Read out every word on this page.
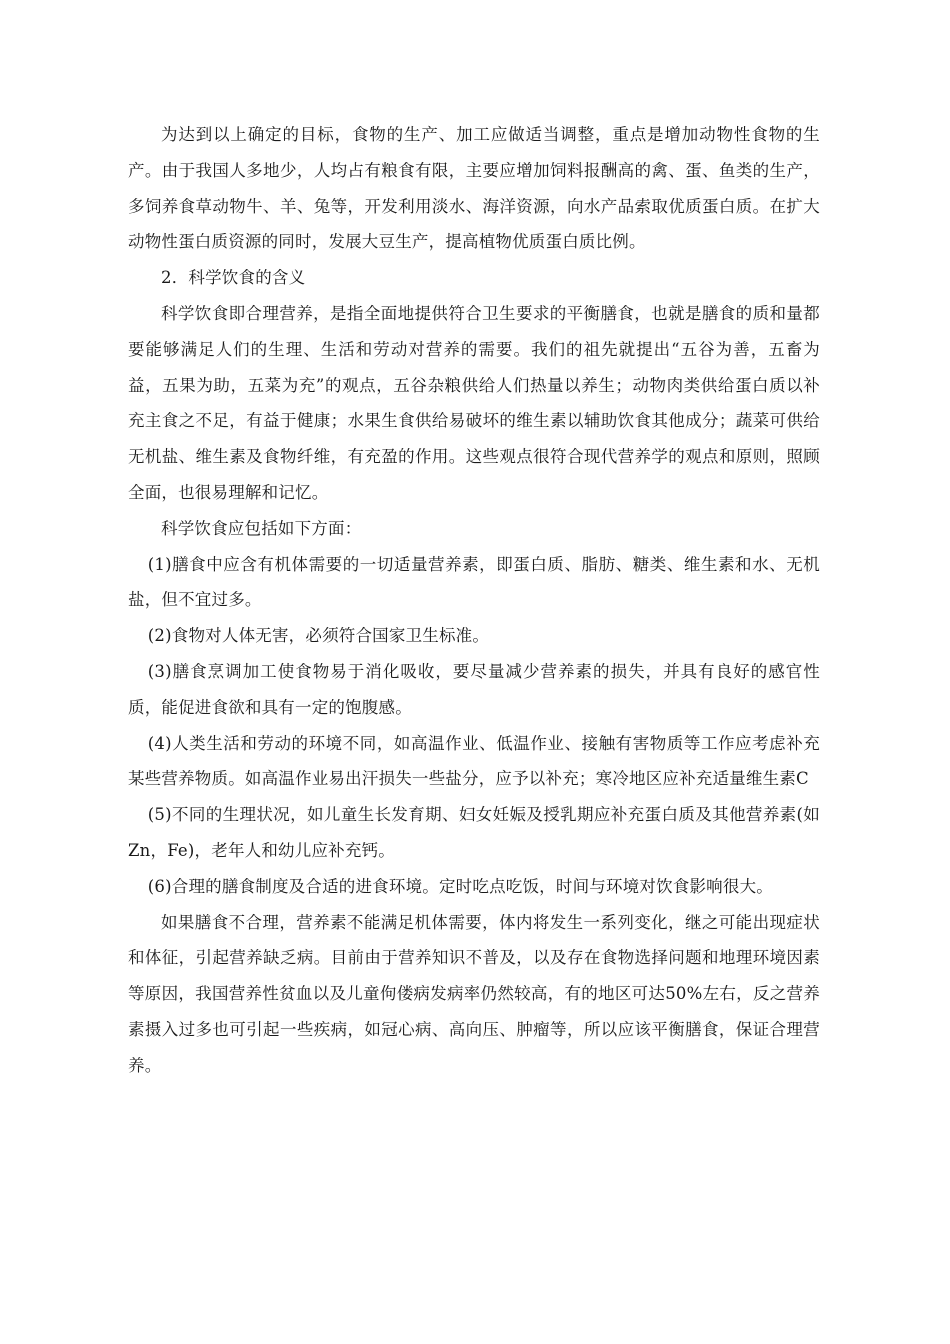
为达到以上确定的目标，食物的生产、加工应做适当调整，重点是增加动物性食物的生产。由于我国人多地少，人均占有粮食有限，主要应增加饲料报酬高的禽、蛋、鱼类的生产，多饲养食草动物牛、羊、兔等，开发利用淡水、海洋资源，向水产品索取优质蛋白质。在扩大动物性蛋白质资源的同时，发展大豆生产，提高植物优质蛋白质比例。

2．科学饮食的含义

科学饮食即合理营养，是指全面地提供符合卫生要求的平衡膳食，也就是膳食的质和量都要能够满足人们的生理、生活和劳动对营养的需要。我们的祖先就提出“五谷为善，五畜为益，五果为助，五菜为充”的观点，五谷杂粮供给人们热量以养生；动物肉类供给蛋白质以补充主食之不足，有益于健康；水果生食供给易破坏的维生素以辅助饮食其他成分；蔬菜可供给无机盐、维生素及食物纤维，有充盈的作用。这些观点很符合现代营养学的观点和原则，照顾全面，也很易理解和记忆。

科学饮食应包括如下方面：

(1)膳食中应含有机体需要的一切适量营养素，即蛋白质、脂肪、糖类、维生素和水、无机盐，但不宜过多。

(2)食物对人体无害，必须符合国家卫生标准。

(3)膳食烹调加工使食物易于消化吸收，要尽量减少营养素的损失，并具有良好的感官性质，能促进食欲和具有一定的饱腹感。

(4)人类生活和劳动的环境不同，如高温作业、低温作业、接触有害物质等工作应考虑补充某些营养物质。如高温作业易出汗损失一些盐分，应予以补充；寒冷地区应补充适量维生素C

(5)不同的生理状况，如儿童生长发育期、妇女妊娠及授乳期应补充蛋白质及其他营养素(如Zn，Fe)，老年人和幼儿应补充钙。

(6)合理的膳食制度及合适的进食环境。定时吃点吃饭，时间与环境对饮食影响很大。

如果膳食不合理，营养素不能满足机体需要，体内将发生一系列变化，继之可能出现症状和体征，引起营养缺乏病。目前由于营养知识不普及，以及存在食物选择问题和地理环境因素等原因，我国营养性贫血以及儿童佝偻病发病率仍然较高，有的地区可达50%左右，反之营养素摄入过多也可引起一些疾病，如冠心病、高向压、肿瘤等，所以应该平衡膳食，保证合理营养。
